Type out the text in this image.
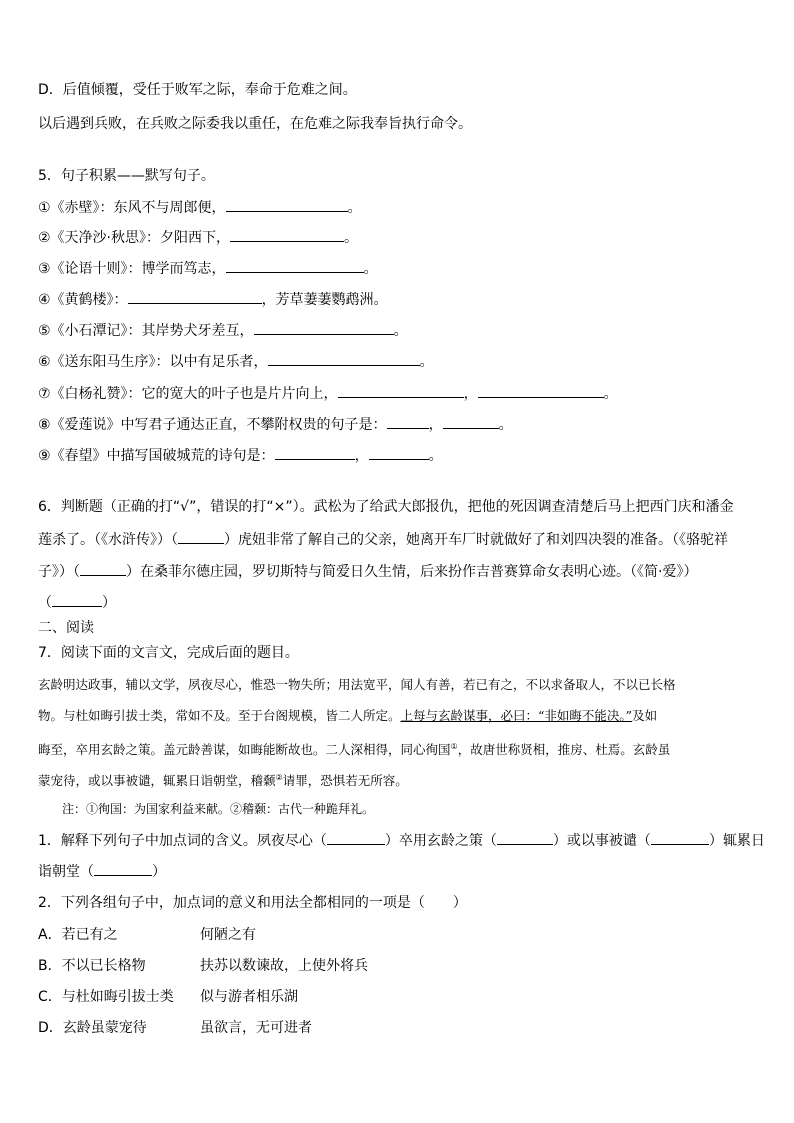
D．后值倾覆，受任于败军之际，奉命于危难之间。
以后遇到兵败，在兵败之际委我以重任，在危难之际我奉旨执行命令。
5．句子积累——默写句子。
①《赤壁》：东风不与周郎便，	。
②《天净沙·秋思》：夕阳西下，	。
③《论语十则》：博学而笃志，	。
④《黄鹤楼》：	，芳草萋萋鹦鹉洲。
⑤《小石潭记》：其岸势犬牙差互，	。
⑥《送东阳马生序》：以中有足乐者，	。
⑦《白杨礼赞》：它的宽大的叶子也是片片向上，	，	。
⑧《爱莲说》中写君子通达正直，不攀附权贵的句子是：	，	。
⑨《春望》中描写国破城荒的诗句是：	，	。
6．判断题（正确的打“√”，错误的打“×”）。武松为了给武大郎报仇，把他的死因调查清楚后马上把西门庆和潘金
莲杀了。（《水浒传》）（	）虎妞非常了解自己的父亲，她离开车厂时就做好了和刘四决裂的准备。（《骆驼祥
子》）（	）在桑菲尔德庄园，罗切斯特与简爱日久生情，后来扮作吉普赛算命女表明心迹。（《简·爱》）
（	）
二、阅读
7．阅读下面的文言文，完成后面的题目。
玄龄明达政事，辅以文学，夙夜尽心，惟恐一物失所；用法宽平，闻人有善，若已有之，不以求备取人，不以已长格
物。与杜如晦引拔士类，常如不及。至于台阁规模，皆二人所定。上每与玄龄谋事，必曰：“非如晦不能决。”及如
晦至，卒用玄龄之策。盖元龄善谋，如晦能断故也。二人深相得，同心徇国①，故唐世称贤相，推房、杜焉。玄龄虽
蒙宠待，或以事被谴，辄累日诣朝堂，稽颡②请罪，恐惧若无所容。
注：①徇国：为国家利益来献。②稽颡：古代一种跪拜礼。
1．解释下列句子中加点词的含义。夙夜尽心（	）卒用玄龄之策（	）或以事被谴（	）辄累日
诣朝堂（	）
2．下列各组句子中，加点词的意义和用法全都相同的一项是（　　）
A．若已有之	何陋之有
B．不以已长格物	扶苏以数谏故，上使外将兵
C．与杜如晦引拔士类 似与游者相乐湖
D．玄龄虽蒙宠待	虽欲言，无可进者
